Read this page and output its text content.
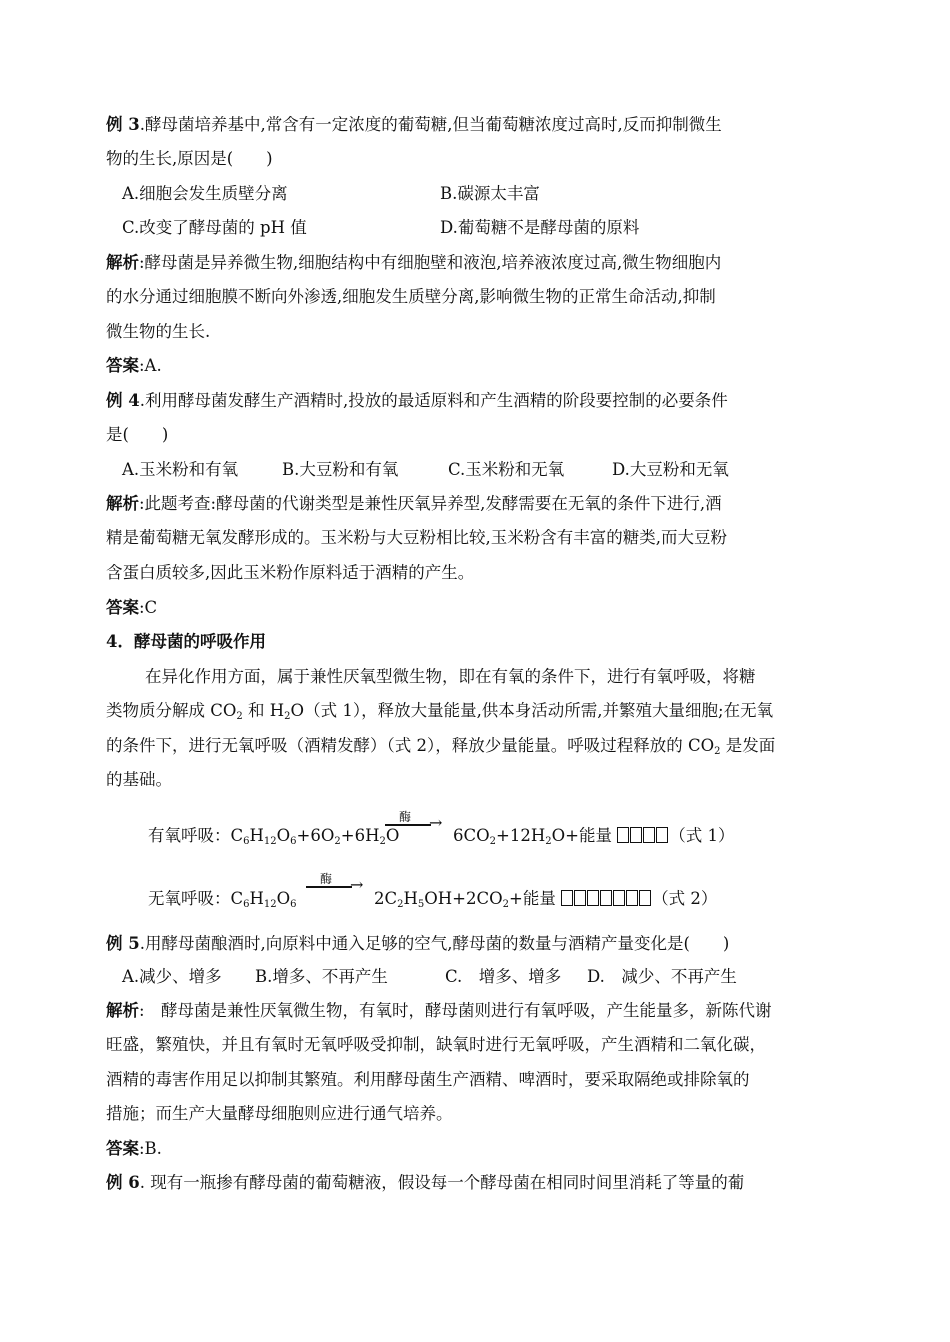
例 3.酵母菌培养基中,常含有一定浓度的葡萄糖,但当葡萄糖浓度过高时,反而抑制微生
物的生长,原因是(　　)
A.细胞会发生质壁分离	B.碳源太丰富
C.改变了酵母菌的 pH 值	D.葡萄糖不是酵母菌的原料
解析:酵母菌是异养微生物,细胞结构中有细胞壁和液泡,培养液浓度过高,微生物细胞内
的水分通过细胞膜不断向外渗透,细胞发生质壁分离,影响微生物的正常生命活动,抑制
微生物的生长.
答案:A.
例 4.利用酵母菌发酵生产酒精时,投放的最适原料和产生酒精的阶段要控制的必要条件
是(　　)
A.玉米粉和有氧	B.大豆粉和有氧	C.玉米粉和无氧	D.大豆粉和无氧
解析:此题考查:酵母菌的代谢类型是兼性厌氧异养型,发酵需要在无氧的条件下进行,酒
精是葡萄糖无氧发酵形成的。玉米粉与大豆粉相比较,玉米粉含有丰富的糖类,而大豆粉
含蛋白质较多,因此玉米粉作原料适于酒精的产生。
答案:C
4．酵母菌的呼吸作用
在异化作用方面，属于兼性厌氧型微生物，即在有氧的条件下，进行有氧呼吸，将糖
类物质分解成 $CO_2$ 和 $H_2O$（式 1），释放大量能量,供本身活动所需,并繁殖大量细胞;在无氧
的条件下，进行无氧呼吸（酒精发酵）（式 2），释放少量能量。呼吸过程释放的 $CO_2$ 是发面
的基础。
有氧呼吸：$C_6H_{12}O_6+6O_2+6H_2O$
酶 →
$6CO_2+12H_2O+$能量	（式 1）
无氧呼吸：$C_6H_{12}O_6$
酶 →
$2C_2H_5OH+2CO_2+$能量	（式 2）
例 5.用酵母菌酿酒时,向原料中通入足够的空气,酵母菌的数量与酒精产量变化是(　　)
A.减少、增多 B.增多、不再产生	C.　增多、增多 D.　减少、不再产生
解析:　酵母菌是兼性厌氧微生物，有氧时，酵母菌则进行有氧呼吸，产生能量多，新陈代谢
旺盛，繁殖快，并且有氧时无氧呼吸受抑制，缺氧时进行无氧呼吸，产生酒精和二氧化碳，
酒精的毒害作用足以抑制其繁殖。利用酵母菌生产酒精、啤酒时，要采取隔绝或排除氧的
措施；而生产大量酵母细胞则应进行通气培养。
答案:B.
例 6. 现有一瓶掺有酵母菌的葡萄糖液，假设每一个酵母菌在相同时间里消耗了等量的葡
